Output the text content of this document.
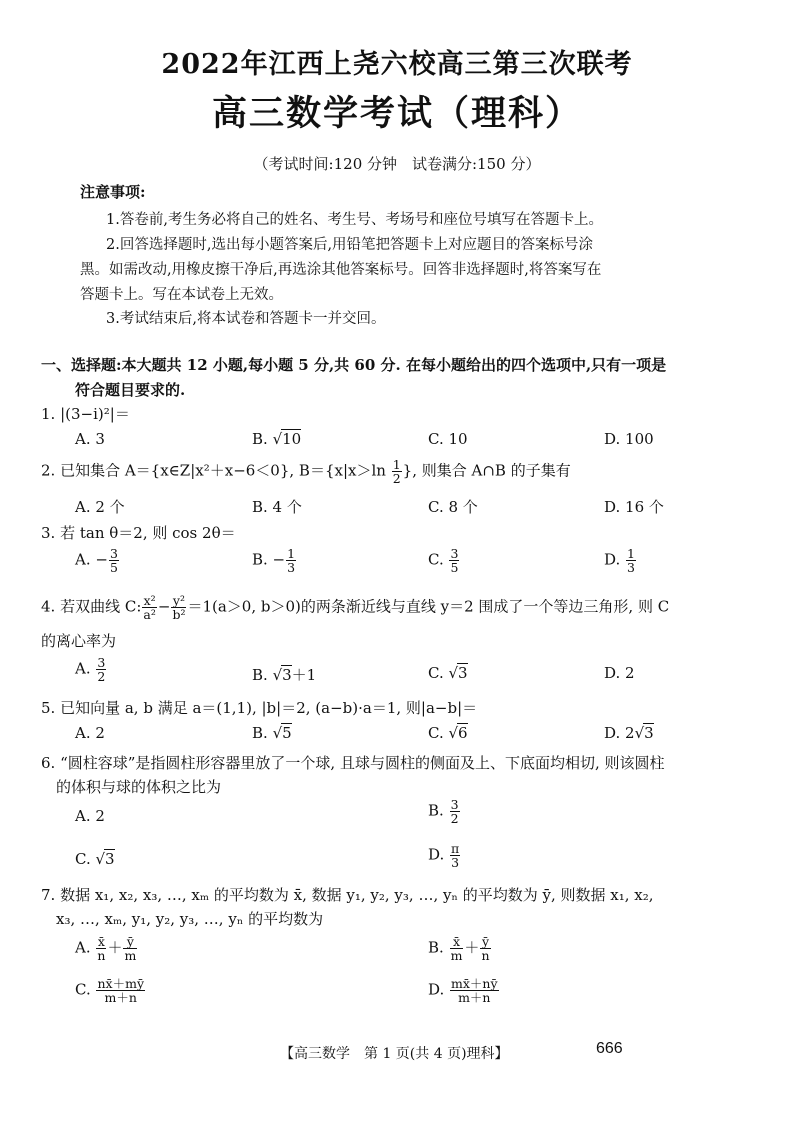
2022年江西上尧六校高三第三次联考
高三数学考试（理科）
（考试时间:120 分钟　试卷满分:150 分）
注意事项:
1.答卷前,考生务必将自己的姓名、考生号、考场号和座位号填写在答题卡上。
2.回答选择题时,选出每小题答案后,用铅笔把答题卡上对应题目的答案标号涂
黑。如需改动,用橡皮擦干净后,再选涂其他答案标号。回答非选择题时,将答案写在
答题卡上。写在本试卷上无效。
3.考试结束后,将本试卷和答题卡一并交回。
一、选择题:本大题共 12 小题,每小题 5 分,共 60 分. 在每小题给出的四个选项中,只有一项是
符合题目要求的.
1. |(3−i)²|＝
A. 3	B. √10	C. 10	D. 100
2. 已知集合 A＝{x∈Z|x²＋x−6＜0}, $B=\{x|x>\ln \frac{1}{2}$ }, 则集合 A∩B 的子集有
A. 2 个	B. 4 个	C. 8 个	D. 16 个
3. 若 tan θ＝2, 则 cos 2θ＝
A. − $\frac{3}{5}$	B. − $\frac{1}{3}$	C. $\frac{3}{5}$	D. $\frac{1}{3}$
4. 若双曲线 C: $\frac{\text{x²}}{\text{a²}} - \frac{\text{y²}}{\text{b²}} =1(a>0$, b＞0)的两条渐近线与直线 y＝2 围成了一个等边三角形, 则 C
的离心率为
A. $\frac{3}{2}$	B. √3＋1	C. √3	D. 2
5. 已知向量 a, b 满足 a＝(1,1), |b|＝2, (a−b)·a＝1, 则|a−b|＝
A. 2	B. √5	C. √6	D. 2√3
6. “圆柱容球”是指圆柱形容器里放了一个球, 且球与圆柱的侧面及上、下底面均相切, 则该圆柱
的体积与球的体积之比为
A. 2	B. $\frac{3}{2}$
C. √3	D. $\frac{\pi}{3}$
7. 数据 x₁, x₂, x₃, …, xₘ 的平均数为 x̄, 数据 y₁, y₂, y₃, …, yₙ 的平均数为 ȳ, 则数据 x₁, x₂,
x₃, …, xₘ, y₁, y₂, y₃, …, yₙ 的平均数为
A. $\frac{x̄}{n} + \frac{ȳ}{m}$	B. $\frac{x̄}{m} + \frac{ȳ}{n}$
C. $\frac{nx̄+mȳ}{m+n}$	D. $\frac{mx̄+nȳ}{m+n}$
【高三数学　第 1 页(共 4 页)理科】	666
